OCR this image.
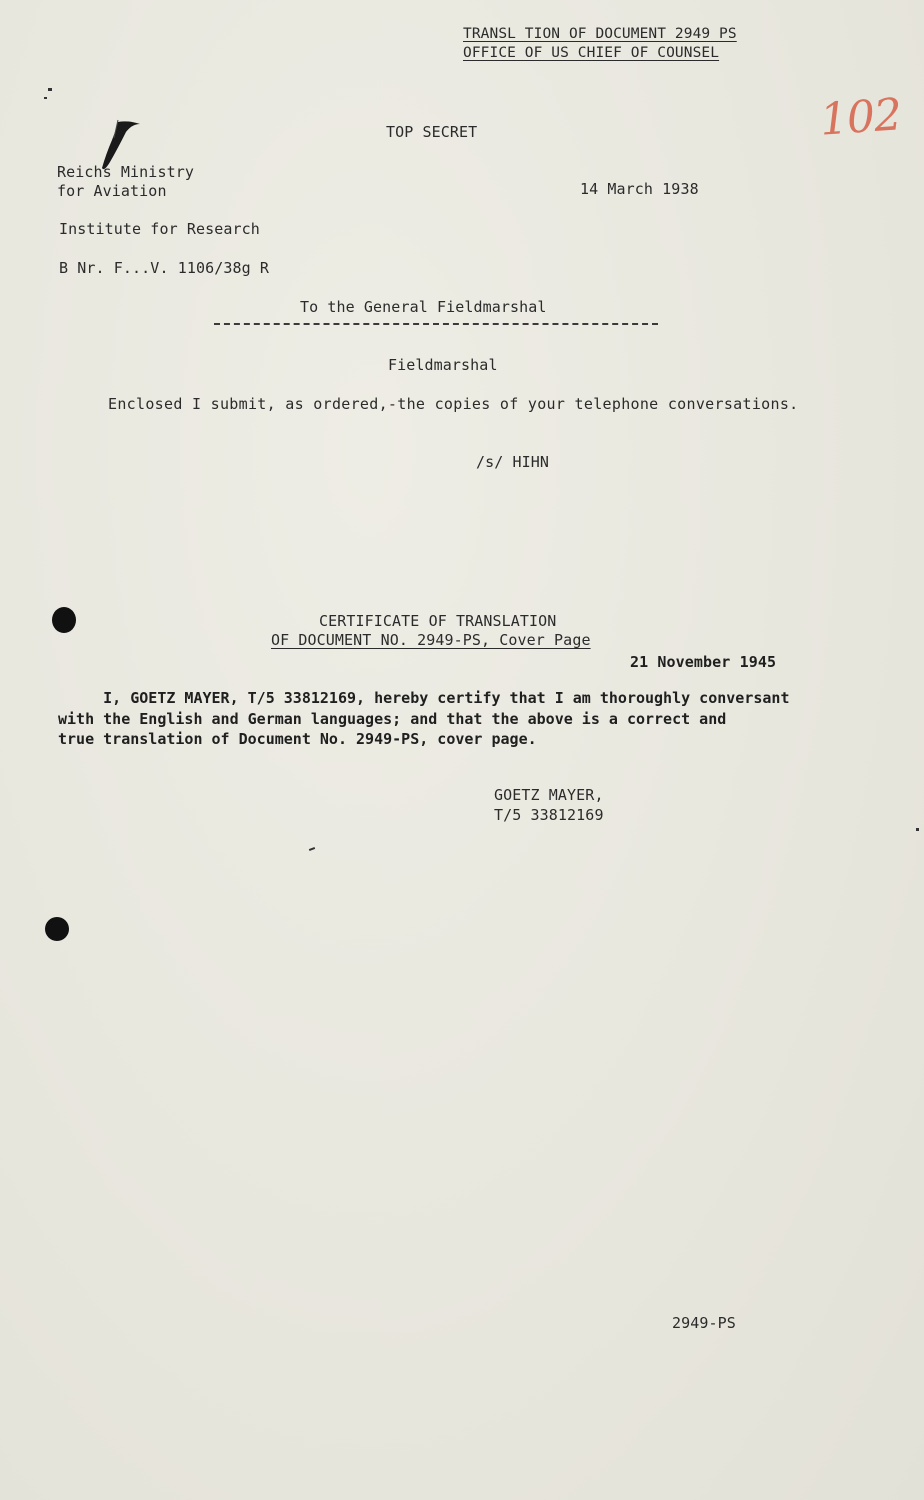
TRANSL TION OF DOCUMENT 2949 PS
OFFICE OF US CHIEF OF COUNSEL
102
TOP SECRET
Reichs Ministry
for Aviation	14 March 1938
Institute for Research
B Nr. F...V. 1106/38g R
To the General Fieldmarshal
Fieldmarshal
Enclosed I submit, as ordered,-the copies of your telephone conversations.
/s/ HIHN
CERTIFICATE OF TRANSLATION
OF DOCUMENT NO. 2949-PS, Cover Page
21 November 1945
I, GOETZ MAYER, T/5 33812169, hereby certify that I am thoroughly conversant
with the English and German languages; and that the above is a correct and
true translation of Document No. 2949-PS, cover page.
GOETZ MAYER,
T/5 33812169
2949-PS
